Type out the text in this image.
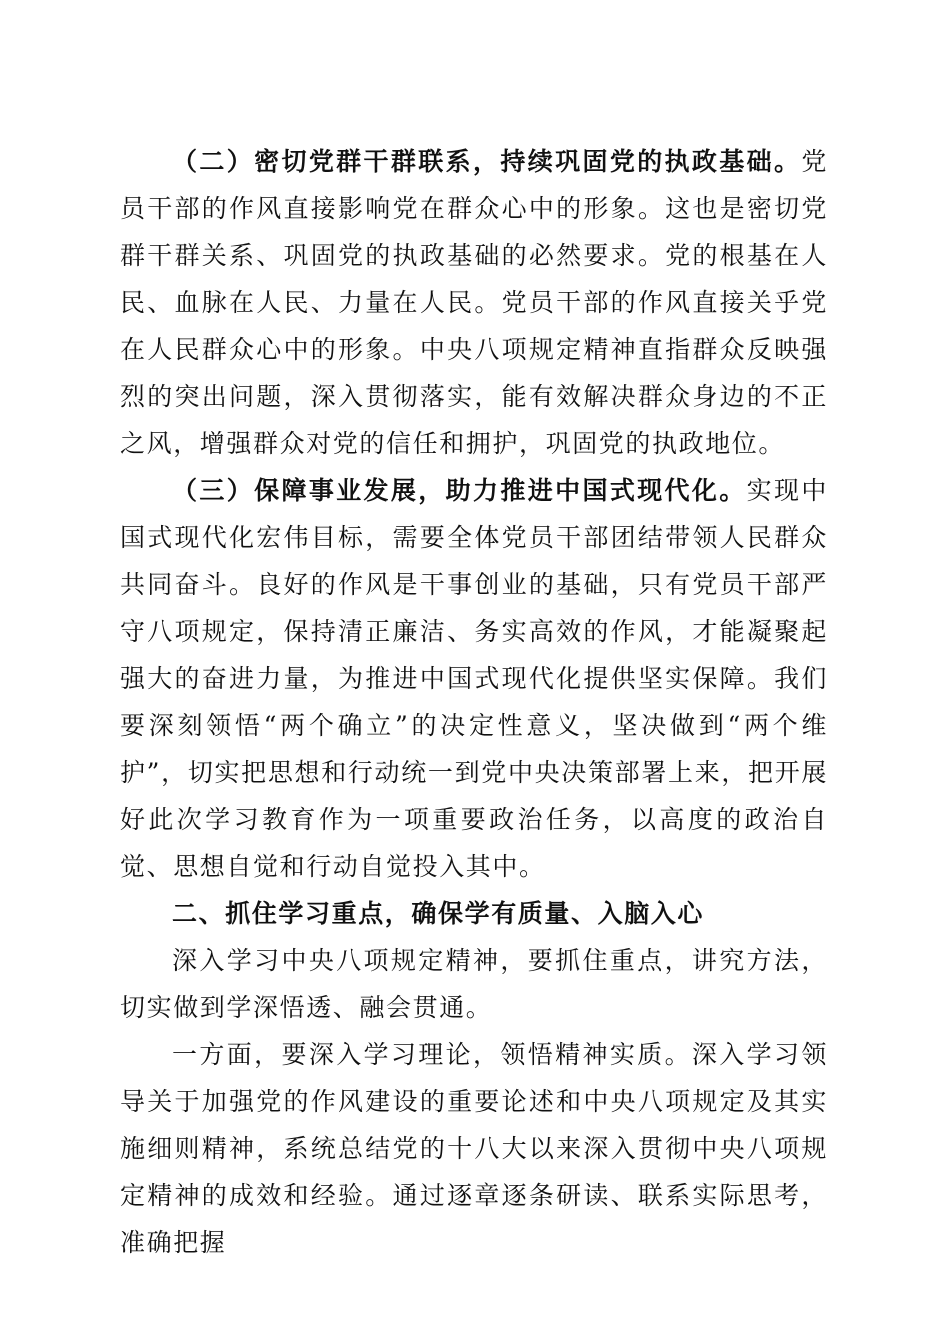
（二）密切党群干群联系，持续巩固党的执政基础。党员干部的作风直接影响党在群众心中的形象。这也是密切党群干群关系、巩固党的执政基础的必然要求。党的根基在人民、血脉在人民、力量在人民。党员干部的作风直接关乎党在人民群众心中的形象。中央八项规定精神直指群众反映强烈的突出问题，深入贯彻落实，能有效解决群众身边的不正之风，增强群众对党的信任和拥护，巩固党的执政地位。

（三）保障事业发展，助力推进中国式现代化。实现中国式现代化宏伟目标，需要全体党员干部团结带领人民群众共同奋斗。良好的作风是干事创业的基础，只有党员干部严守八项规定，保持清正廉洁、务实高效的作风，才能凝聚起强大的奋进力量，为推进中国式现代化提供坚实保障。我们要深刻领悟“两个确立”的决定性意义，坚决做到“两个维护”，切实把思想和行动统一到党中央决策部署上来，把开展好此次学习教育作为一项重要政治任务，以高度的政治自觉、思想自觉和行动自觉投入其中。

二、抓住学习重点，确保学有质量、入脑入心

深入学习中央八项规定精神，要抓住重点，讲究方法，切实做到学深悟透、融会贯通。

一方面，要深入学习理论，领悟精神实质。深入学习领导关于加强党的作风建设的重要论述和中央八项规定及其实施细则精神，系统总结党的十八大以来深入贯彻中央八项规定精神的成效和经验。通过逐章逐条研读、联系实际思考，准确把握
